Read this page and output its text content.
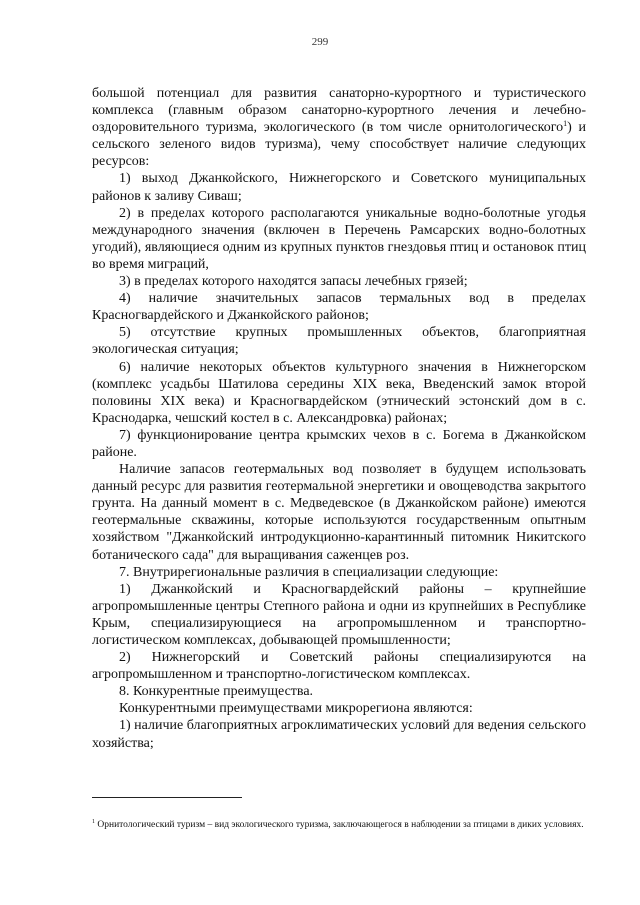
299

большой потенциал для развития санаторно-курортного и туристического комплекса (главным образом санаторно-курортного лечения и лечебно-оздоровительного туризма, экологического (в том числе орнитологического$^1$) и сельского зеленого видов туризма), чему способствует наличие следующих ресурсов:

1) выход Джанкойского, Нижнегорского и Советского муниципальных районов к заливу Сиваш;

2) в пределах которого располагаются уникальные водно-болотные угодья международного значения (включен в Перечень Рамсарских водно-болотных угодий), являющиеся одним из крупных пунктов гнездовья птиц и остановок птиц во время миграций,

3) в пределах которого находятся запасы лечебных грязей;

4) наличие значительных запасов термальных вод в пределах Красногвардейского и Джанкойского районов;

5) отсутствие крупных промышленных объектов, благоприятная экологическая ситуация;

6) наличие некоторых объектов культурного значения в Нижнегорском (комплекс усадьбы Шатилова середины XIX века, Введенский замок второй половины XIX века) и Красногвардейском (этнический эстонский дом в с. Краснодарка, чешский костел в с. Александровка) районах;

7) функционирование центра крымских чехов в с. Богема в Джанкойском районе.

Наличие запасов геотермальных вод позволяет в будущем использовать данный ресурс для развития геотермальной энергетики и овощеводства закрытого грунта. На данный момент в с. Медведевское (в Джанкойском районе) имеются геотермальные скважины, которые используются государственным опытным хозяйством "Джанкойский интродукционно-карантинный питомник Никитского ботанического сада" для выращивания саженцев роз.

7. Внутрирегиональные различия в специализации следующие:

1) Джанкойский и Красногвардейский районы – крупнейшие агропромышленные центры Степного района и одни из крупнейших в Республике Крым, специализирующиеся на агропромышленном и транспортно-логистическом комплексах, добывающей промышленности;

2) Нижнегорский и Советский районы специализируются на агропромышленном и транспортно-логистическом комплексах.

8. Конкурентные преимущества.

Конкурентными преимуществами микрорегиона являются:

1) наличие благоприятных агроклиматических условий для ведения сельского хозяйства;

$^1$ Орнитологический туризм – вид экологического туризма, заключающегося в наблюдении за птицами в диких условиях.
